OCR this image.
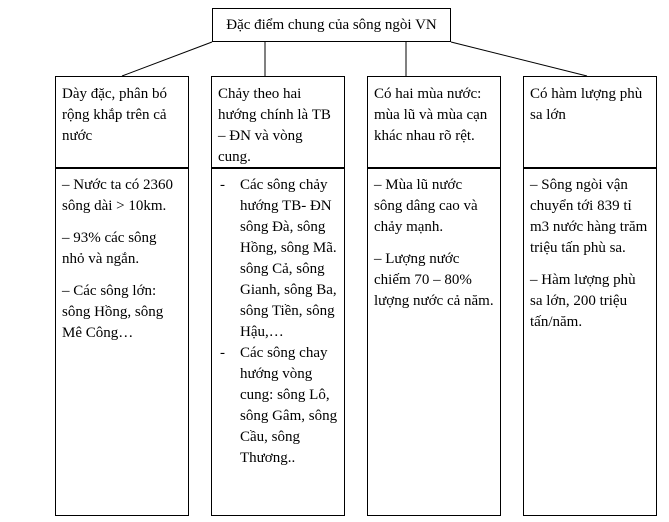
Đặc điểm chung của sông ngòi VN
Dày đặc, phân bó rộng khắp trên cả nước

– Nước ta có 2360 sông dài > 10km.

– 93% các sông nhỏ và ngắn.

– Các sông lớn: sông Hồng, sông Mê Công…

Chảy theo hai hướng chính là TB – ĐN và vòng cung.
- Các sông chảy hướng TB- ĐN sông Đà, sông Hồng, sông Mã. sông Cả, sông Gianh, sông Ba, sông Tiền, sông Hậu,…
- Các sông chay hướng vòng cung: sông Lô, sông Gâm, sông Cầu, sông Thương..
Có hai mùa nước: mùa lũ và mùa cạn khác nhau rõ rệt.

– Mùa lũ nước sông dâng cao và chảy mạnh.

– Lượng nước chiếm 70 – 80% lượng nước cả năm.

Có hàm lượng phù sa lớn

– Sông ngòi vận chuyển tới 839 tỉ m3 nước hàng trăm triệu tấn phù sa.

– Hàm lượng phù sa lớn, 200 triệu tấn/năm.
